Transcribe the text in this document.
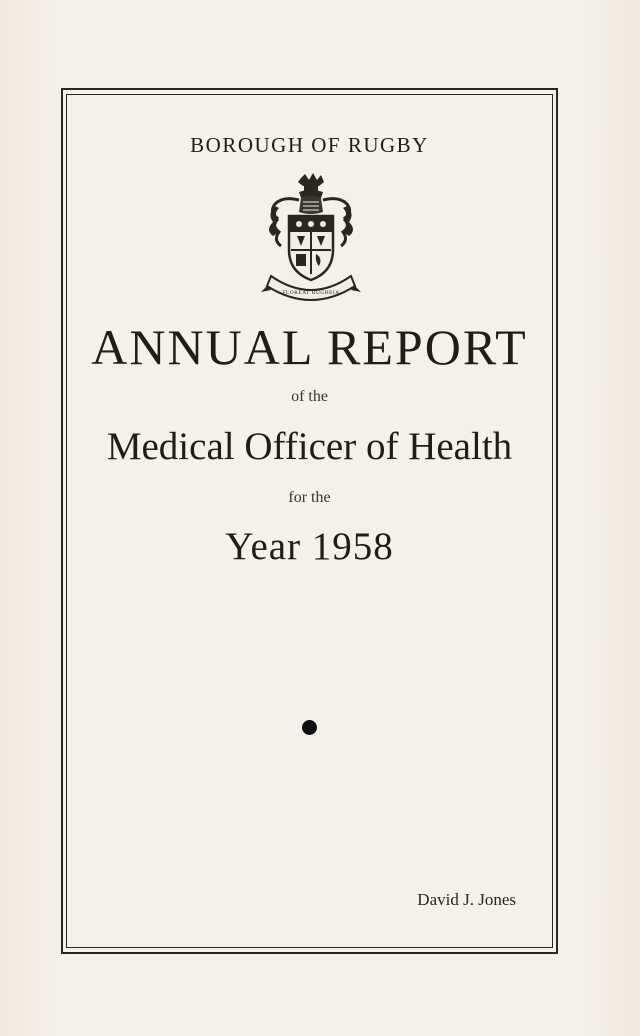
BOROUGH OF RUGBY
FLOREAT RUGBEIA
ANNUAL REPORT
of the
Medical Officer of Health
for the
Year 1958
David J. Jones
